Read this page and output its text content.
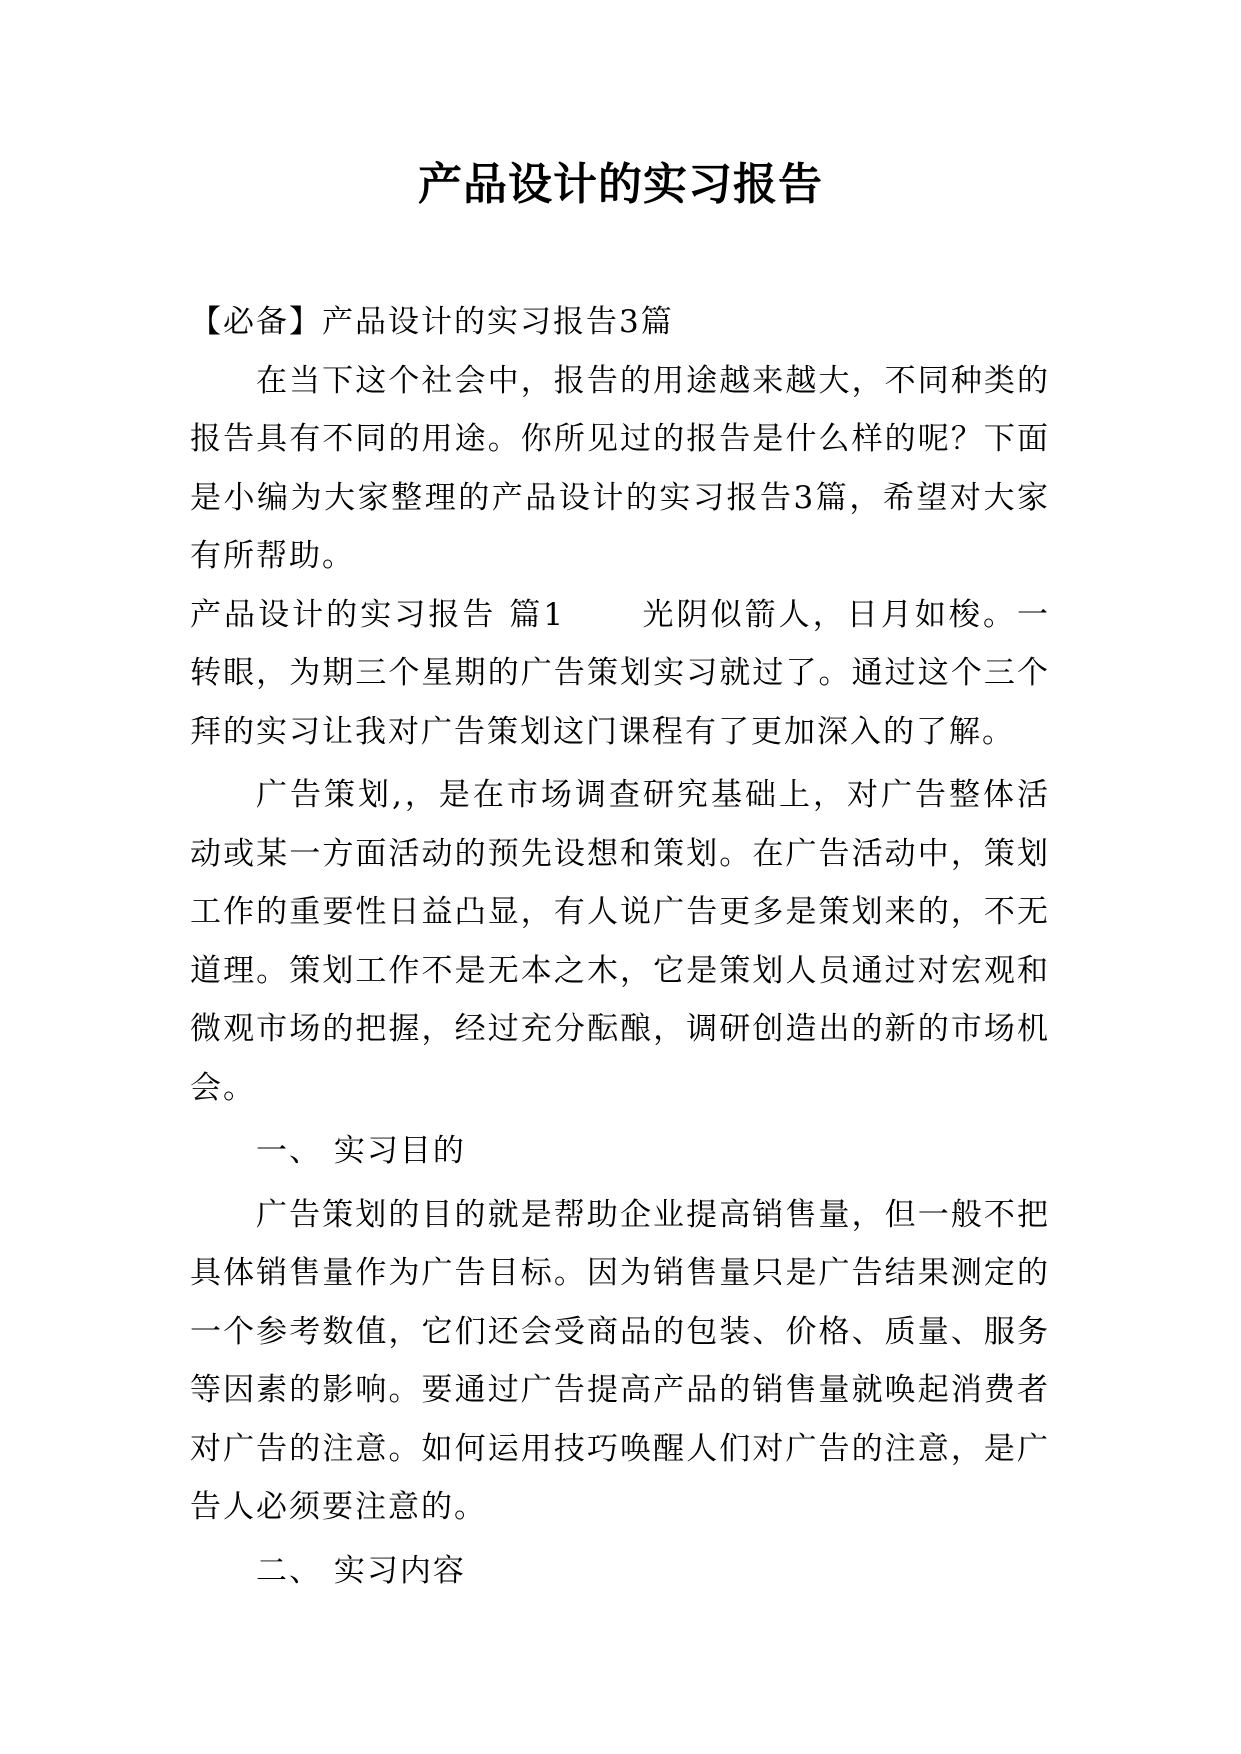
产品设计的实习报告

【必备】产品设计的实习报告3篇

在当下这个社会中，报告的用途越来越大，不同种类的报告具有不同的用途。你所见过的报告是什么样的呢？下面是小编为大家整理的产品设计的实习报告3篇，希望对大家有所帮助。

产品设计的实习报告 篇1 光阴似箭人，日月如梭。一转眼，为期三个星期的广告策划实习就过了。通过这个三个拜的实习让我对广告策划这门课程有了更加深入的了解。

广告策划,，是在市场调查研究基础上，对广告整体活动或某一方面活动的预先设想和策划。在广告活动中，策划工作的重要性日益凸显，有人说广告更多是策划来的，不无道理。策划工作不是无本之木，它是策划人员通过对宏观和微观市场的把握，经过充分酝酿，调研创造出的新的市场机会。

一、 实习目的

广告策划的目的就是帮助企业提高销售量，但一般不把具体销售量作为广告目标。因为销售量只是广告结果测定的一个参考数值，它们还会受商品的包装、价格、质量、服务等因素的影响。要通过广告提高产品的销售量就唤起消费者对广告的注意。如何运用技巧唤醒人们对广告的注意，是广告人必须要注意的。

二、 实习内容
